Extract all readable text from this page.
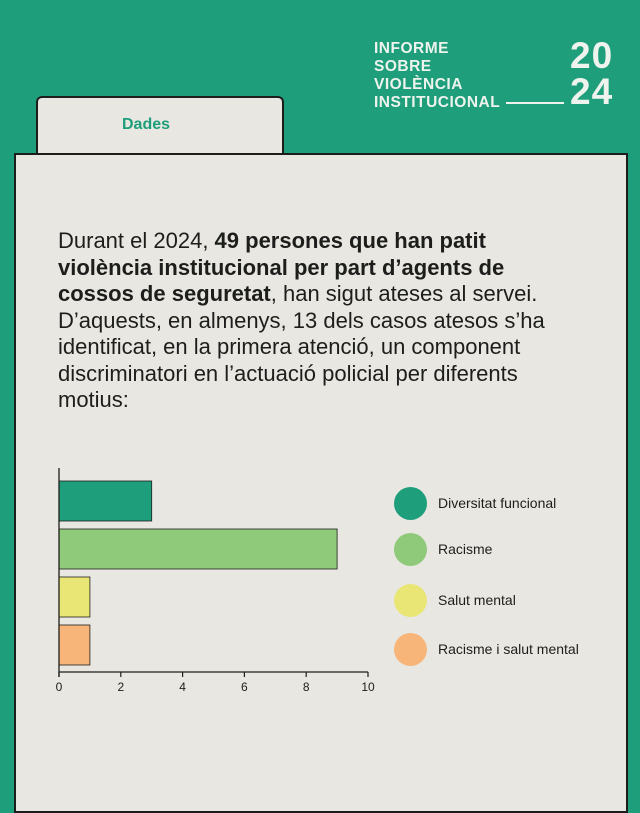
INFORME
SOBRE
VIOLÈNCIA
INSTITUCIONAL
20
24
Dades
Durant el 2024, 49 persones que han patit violència institucional per part d’agents de cossos de seguretat, han sigut ateses al servei. D’aquests, en almenys, 13 dels casos atesos s’ha identificat, en la primera atenció, un component discriminatori en l’actuació policial per diferents motius:
0	2	4	6	8	10
Diversitat funcional
Racisme
Salut mental
Racisme i salut mental
